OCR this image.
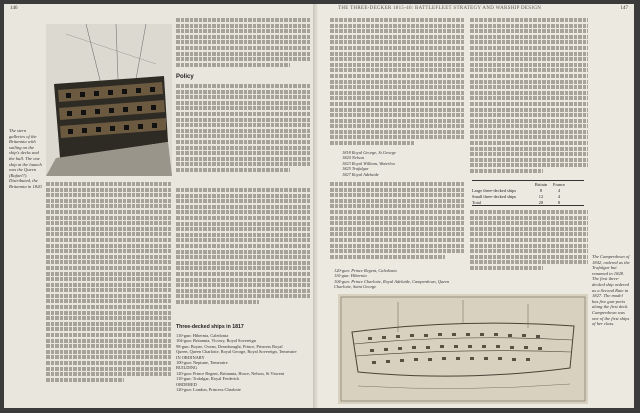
146
The stern galleries of the Britannia with sailing on the ship's decks and the hull. The one ship at the launch was the Queen (Rafael?). Distributed, the Britannia in 1820
Policy
Three-decked ships in 1817
110-gun: Hibernia, Caledonia
104-gun: Britannia, Victory, Royal Sovereign
98-gun: Boyne, Ocean, Dreadnought, Prince, Princess Royal
Queen, Queen Charlotte, Royal George, Royal Sovereign, Temeraire
IN ORDINARY
100-gun: Neptune, Temeraire
BUILDING
120-gun: Prince Regent, Britannia, Howe, Nelson, St Vincent
110-gun: Trafalgar, Royal Frederick
ORDERED
120-gun: London, Princess Charlotte
THE THREE-DECKER 1815-40: BATTLEFLEET STRATEGY AND WARSHIP DESIGN	147
1818 Royal George, St George
1820 Nelson
1823 Royal William, Waterloo
1825 Trafalgar
1827 Royal Adelaide
120-gun: Prince Regent, Caledonia
110-gun: Hibernia
104-gun: Prince Charlotte, Royal Adelaide, Camperdown, Queen
Charlotte, Saint George
Britain	France
Large three-decked ships	8	4
Small three-decked ships	12	4
Total	20	8
The Camperdown of 1842, ordered as the Trafalgar but renamed in 1828. The first three-decked ship ordered as a Second Rate in 1827. The model has five gun-ports along the first deck. Camperdown was one of the first ships of her class.
